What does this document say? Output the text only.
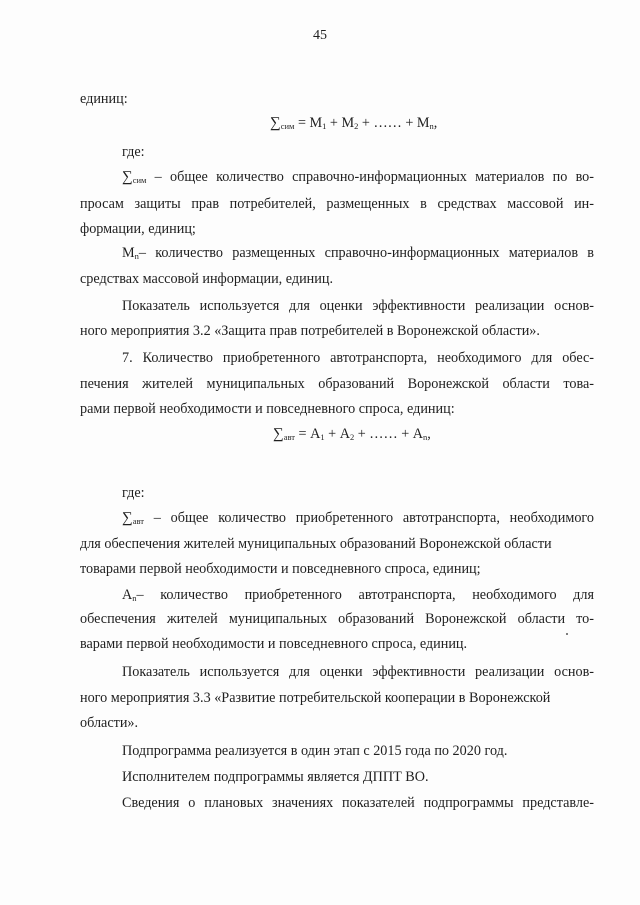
45
единиц:
$\sum_{сим} = М_1 + М_2$ + …… + $М_n$,
где:
$\sum_{сим}$ – общее количество справочно-информационных материалов по во-
просам защиты прав потребителей, размещенных в средствах массовой ин-
формации, единиц;
$М_n-$ количество размещенных справочно-информационных материалов в
средствах массовой информации, единиц.
Показатель используется для оценки эффективности реализации основ-
ного мероприятия 3.2 «Защита прав потребителей в Воронежской области».
7. Количество приобретенного автотранспорта, необходимого для обес-
печения жителей муниципальных образований Воронежской области това-
рами первой необходимости и повседневного спроса, единиц:
$\sum_{авт} = А_1 + А_2$ + …… + $А_n$,
где:
$\sum_{авт}$ – общее количество приобретенного автотранспорта, необходимого
для обеспечения жителей муниципальных образований Воронежской области
товарами первой необходимости и повседневного спроса, единиц;
$А_n-$ количество приобретенного автотранспорта, необходимого для
обеспечения жителей муниципальных образований Воронежской области то-
варами первой необходимости и повседневного спроса, единиц.
Показатель используется для оценки эффективности реализации основ-
ного мероприятия 3.3 «Развитие потребительской кооперации в Воронежской
области».
Подпрограмма реализуется в один этап с 2015 года по 2020 год.
Исполнителем подпрограммы является ДППТ ВО.
Сведения о плановых значениях показателей подпрограммы представле-
